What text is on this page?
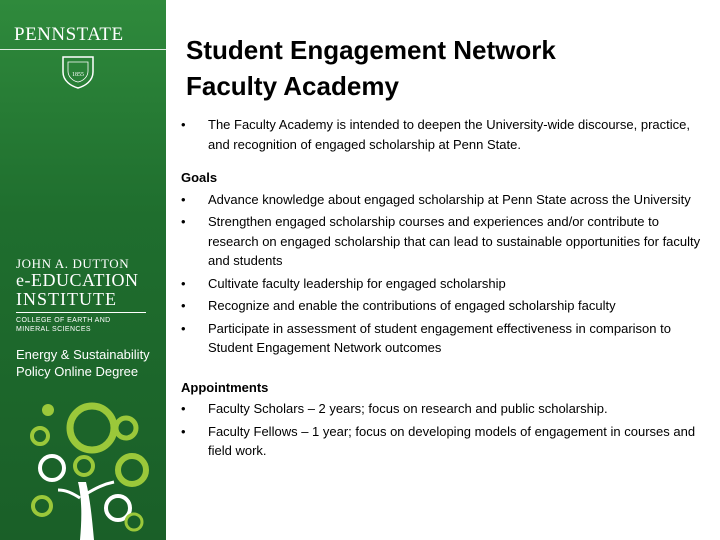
PENNSTATE
1855
JOHN A. DUTTON
e-EDUCATION
INSTITUTE
COLLEGE OF EARTH AND
MINERAL SCIENCES
Energy & Sustainability
Policy Online Degree
Student Engagement Network
Faculty Academy
•	The Faculty Academy is intended to deepen the University-wide discourse, practice, and recognition of engaged scholarship at Penn State.
Goals
•	Advance knowledge about engaged scholarship at Penn State across the University
•	Strengthen engaged scholarship courses and experiences and/or contribute to research on engaged scholarship that can lead to sustainable opportunities for faculty and students
•	Cultivate faculty leadership for engaged scholarship
•	Recognize and enable the contributions of engaged scholarship faculty
•	Participate in assessment of student engagement effectiveness in comparison to Student Engagement Network outcomes
Appointments
•	Faculty Scholars – 2 years; focus on research and public scholarship.
•	Faculty Fellows – 1 year; focus on developing models of engagement in courses and field work.
